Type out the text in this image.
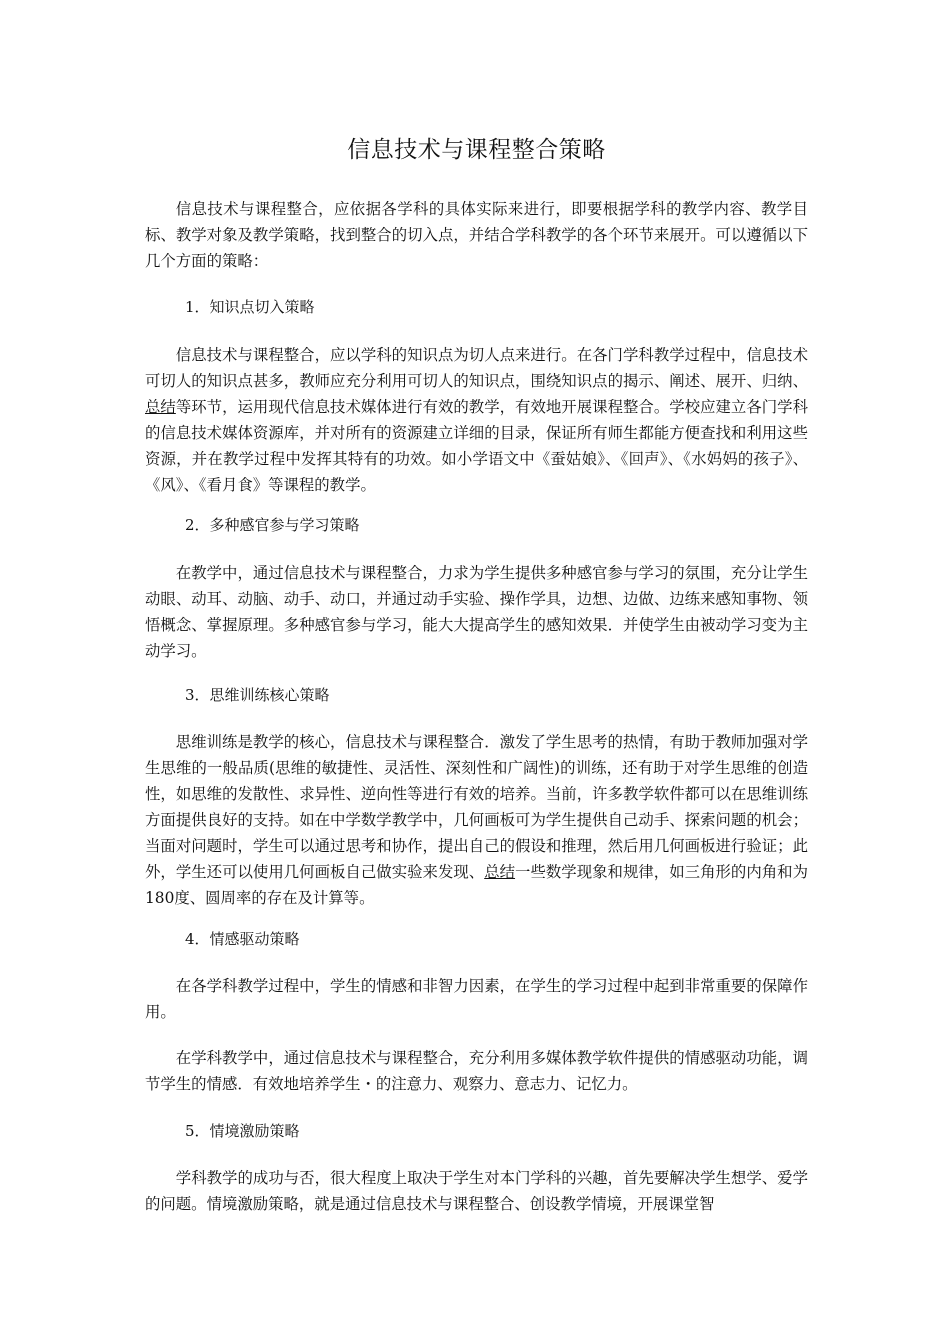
信息技术与课程整合策略

信息技术与课程整合，应依据各学科的具体实际来进行，即要根据学科的教学内容、教学目标、教学对象及教学策略，找到整合的切入点，并结合学科教学的各个环节来展开。可以遵循以下几个方面的策略：

1．知识点切入策略

信息技术与课程整合，应以学科的知识点为切人点来进行。在各门学科教学过程中，信息技术可切人的知识点甚多，教师应充分利用可切人的知识点，围绕知识点的揭示、阐述、展开、归纳、总结等环节，运用现代信息技术媒体进行有效的教学，有效地开展课程整合。学校应建立各门学科的信息技术媒体资源库，并对所有的资源建立详细的目录，保证所有师生都能方便查找和利用这些资源，并在教学过程中发挥其特有的功效。如小学语文中《蚕姑娘》、《回声》、《水妈妈的孩子》、《风》、《看月食》等课程的教学。

2．多种感官参与学习策略

在教学中，通过信息技术与课程整合，力求为学生提供多种感官参与学习的氛围，充分让学生动眼、动耳、动脑、动手、动口，并通过动手实验、操作学具，边想、边做、边练来感知事物、领悟概念、掌握原理。多种感官参与学习，能大大提高学生的感知效果．并使学生由被动学习变为主动学习。

3．思维训练核心策略

思维训练是教学的核心，信息技术与课程整合．激发了学生思考的热情，有助于教师加强对学生思维的一般品质(思维的敏捷性、灵活性、深刻性和广阔性)的训练，还有助于对学生思维的创造性，如思维的发散性、求异性、逆向性等进行有效的培养。当前，许多教学软件都可以在思维训练方面提供良好的支持。如在中学数学教学中，几何画板可为学生提供自己动手、探索问题的机会；当面对问题时，学生可以通过思考和协作，提出自己的假设和推理，然后用几何画板进行验证；此外，学生还可以使用几何画板自己做实验来发现、总结一些数学现象和规律，如三角形的内角和为180度、圆周率的存在及计算等。

4．情感驱动策略

在各学科教学过程中，学生的情感和非智力因素，在学生的学习过程中起到非常重要的保障作用。

在学科教学中，通过信息技术与课程整合，充分利用多媒体教学软件提供的情感驱动功能，调节学生的情感．有效地培养学生・的注意力、观察力、意志力、记忆力。

5．情境激励策略

学科教学的成功与否，很大程度上取决于学生对本门学科的兴趣，首先要解决学生想学、爱学的问题。情境激励策略，就是通过信息技术与课程整合、创设教学情境，开展课堂智
